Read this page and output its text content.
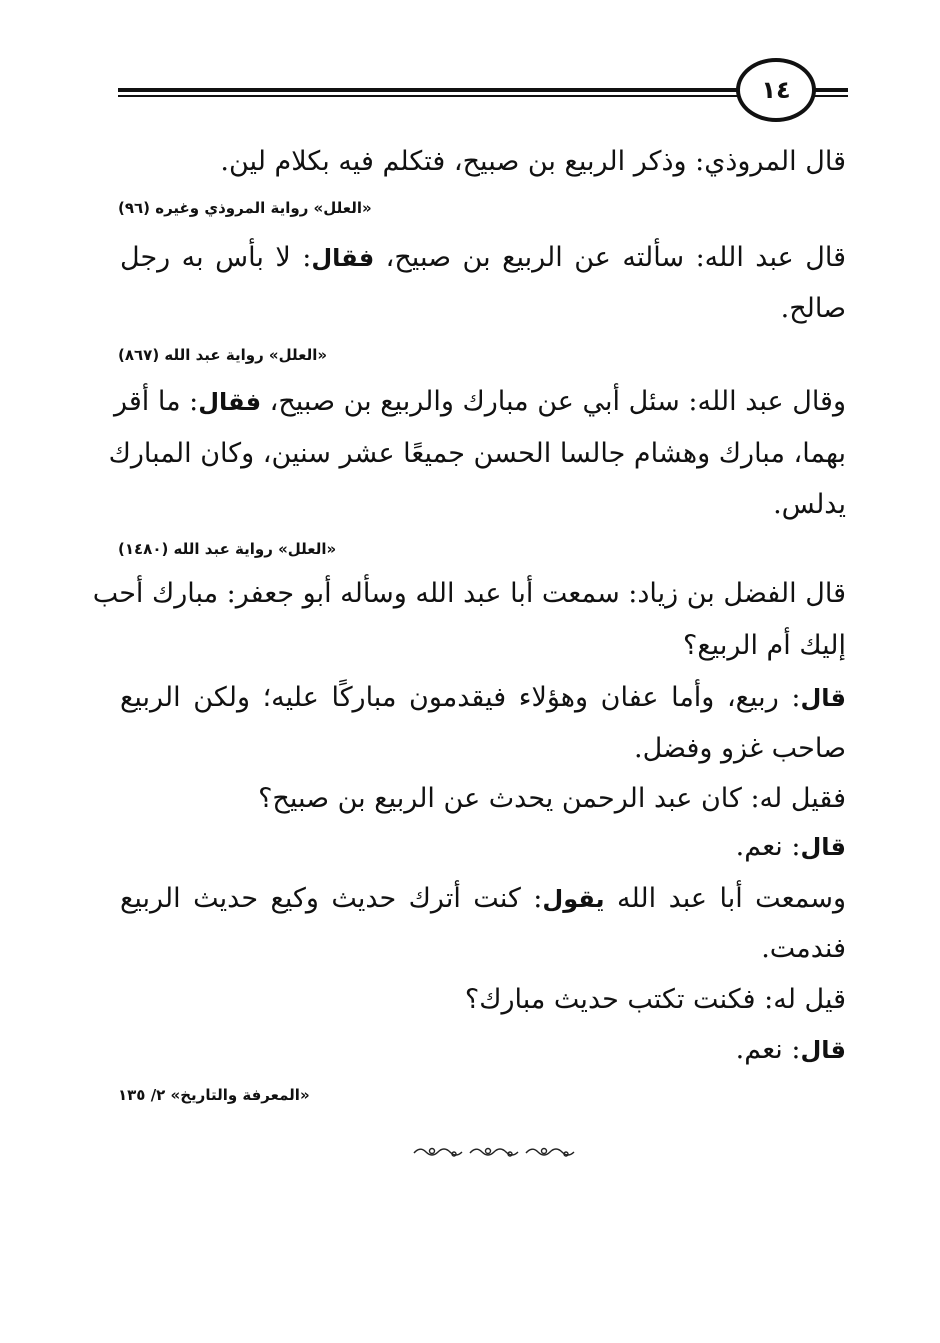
١٤
قال المروذي: وذكر الربيع بن صبيح، فتكلم فيه بكلام لين.
«العلل» رواية المروذي وغيره (٩٦)
قال عبد الله: سألته عن الربيع بن صبيح، فقال: لا بأس به رجل
صالح.
«العلل» رواية عبد الله (٨٦٧)
وقال عبد الله: سئل أبي عن مبارك والربيع بن صبيح، فقال: ما أقر
بهما، مبارك وهشام جالسا الحسن جميعًا عشر سنين، وكان المبارك
يدلس.
«العلل» رواية عبد الله (١٤٨٠)
قال الفضل بن زياد: سمعت أبا عبد الله وسأله أبو جعفر: مبارك أحب
إليك أم الربيع؟
قال: ربيع، وأما عفان وهؤلاء فيقدمون مباركًا عليه؛ ولكن الربيع
صاحب غزو وفضل.
فقيل له: كان عبد الرحمن يحدث عن الربيع بن صبيح؟
قال: نعم.
وسمعت أبا عبد الله يقول: كنت أترك حديث وكيع حديث الربيع
فندمت.
قيل له: فكنت تكتب حديث مبارك؟
قال: نعم.
«المعرفة والتاريخ» ٢/ ١٣٥
